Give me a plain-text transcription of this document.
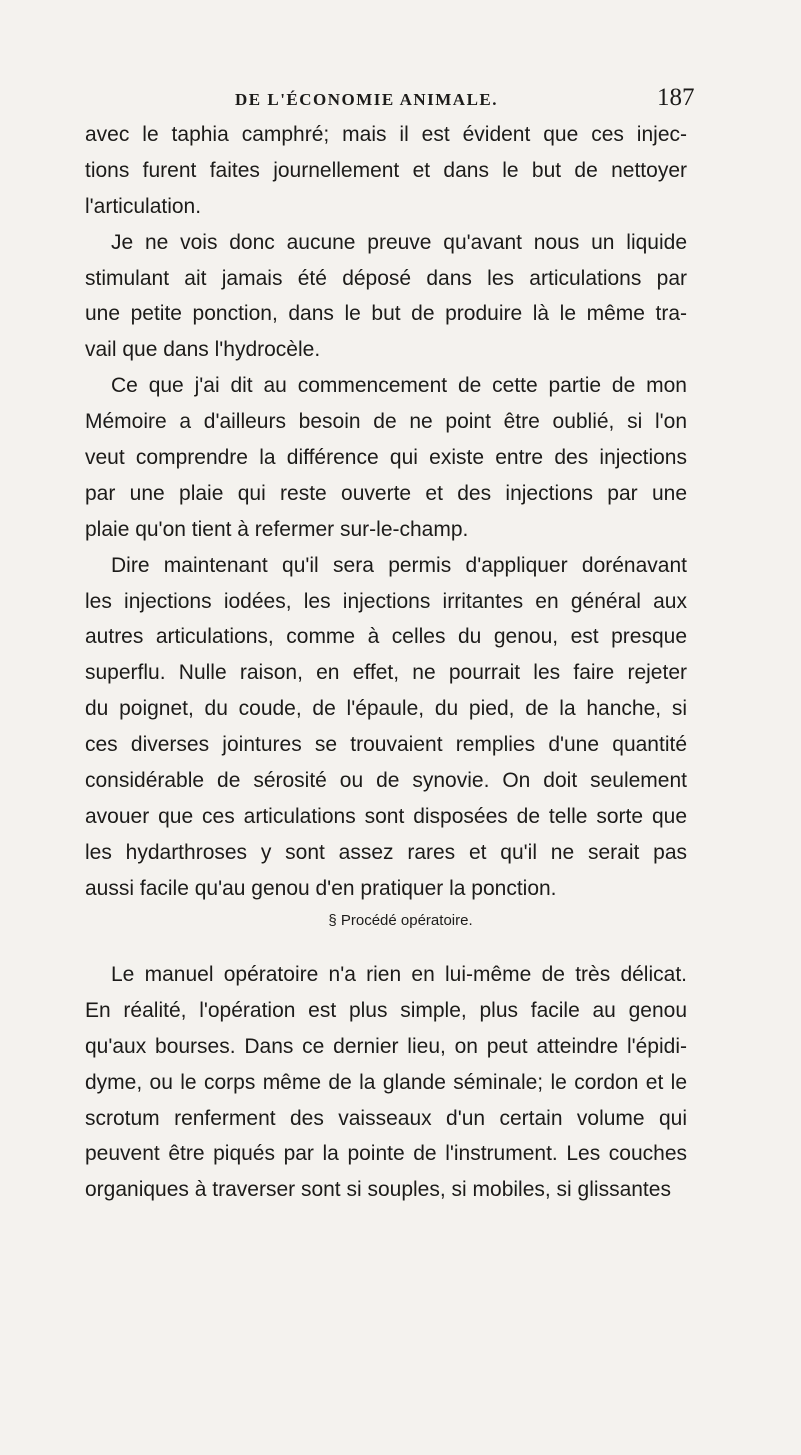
DE L'ÉCONOMIE ANIMALE.	187
avec le taphia camphré; mais il est évident que ces injec-
tions furent faites journellement et dans le but de nettoyer
l'articulation.
Je ne vois donc aucune preuve qu'avant nous un liquide
stimulant ait jamais été déposé dans les articulations par
une petite ponction, dans le but de produire là le même tra-
vail que dans l'hydrocèle.
Ce que j'ai dit au commencement de cette partie de mon
Mémoire a d'ailleurs besoin de ne point être oublié, si l'on
veut comprendre la différence qui existe entre des injections
par une plaie qui reste ouverte et des injections par une
plaie qu'on tient à refermer sur-le-champ.
Dire maintenant qu'il sera permis d'appliquer dorénavant
les injections iodées, les injections irritantes en général aux
autres articulations, comme à celles du genou, est presque
superflu. Nulle raison, en effet, ne pourrait les faire rejeter
du poignet, du coude, de l'épaule, du pied, de la hanche, si
ces diverses jointures se trouvaient remplies d'une quantité
considérable de sérosité ou de synovie. On doit seulement
avouer que ces articulations sont disposées de telle sorte que
les hydarthroses y sont assez rares et qu'il ne serait pas
aussi facile qu'au genou d'en pratiquer la ponction.
§ Procédé opératoire.
Le manuel opératoire n'a rien en lui-même de très délicat.
En réalité, l'opération est plus simple, plus facile au genou
qu'aux bourses. Dans ce dernier lieu, on peut atteindre l'épidi-
dyme, ou le corps même de la glande séminale; le cordon et le
scrotum renferment des vaisseaux d'un certain volume qui
peuvent être piqués par la pointe de l'instrument. Les couches
organiques à traverser sont si souples, si mobiles, si glissantes
